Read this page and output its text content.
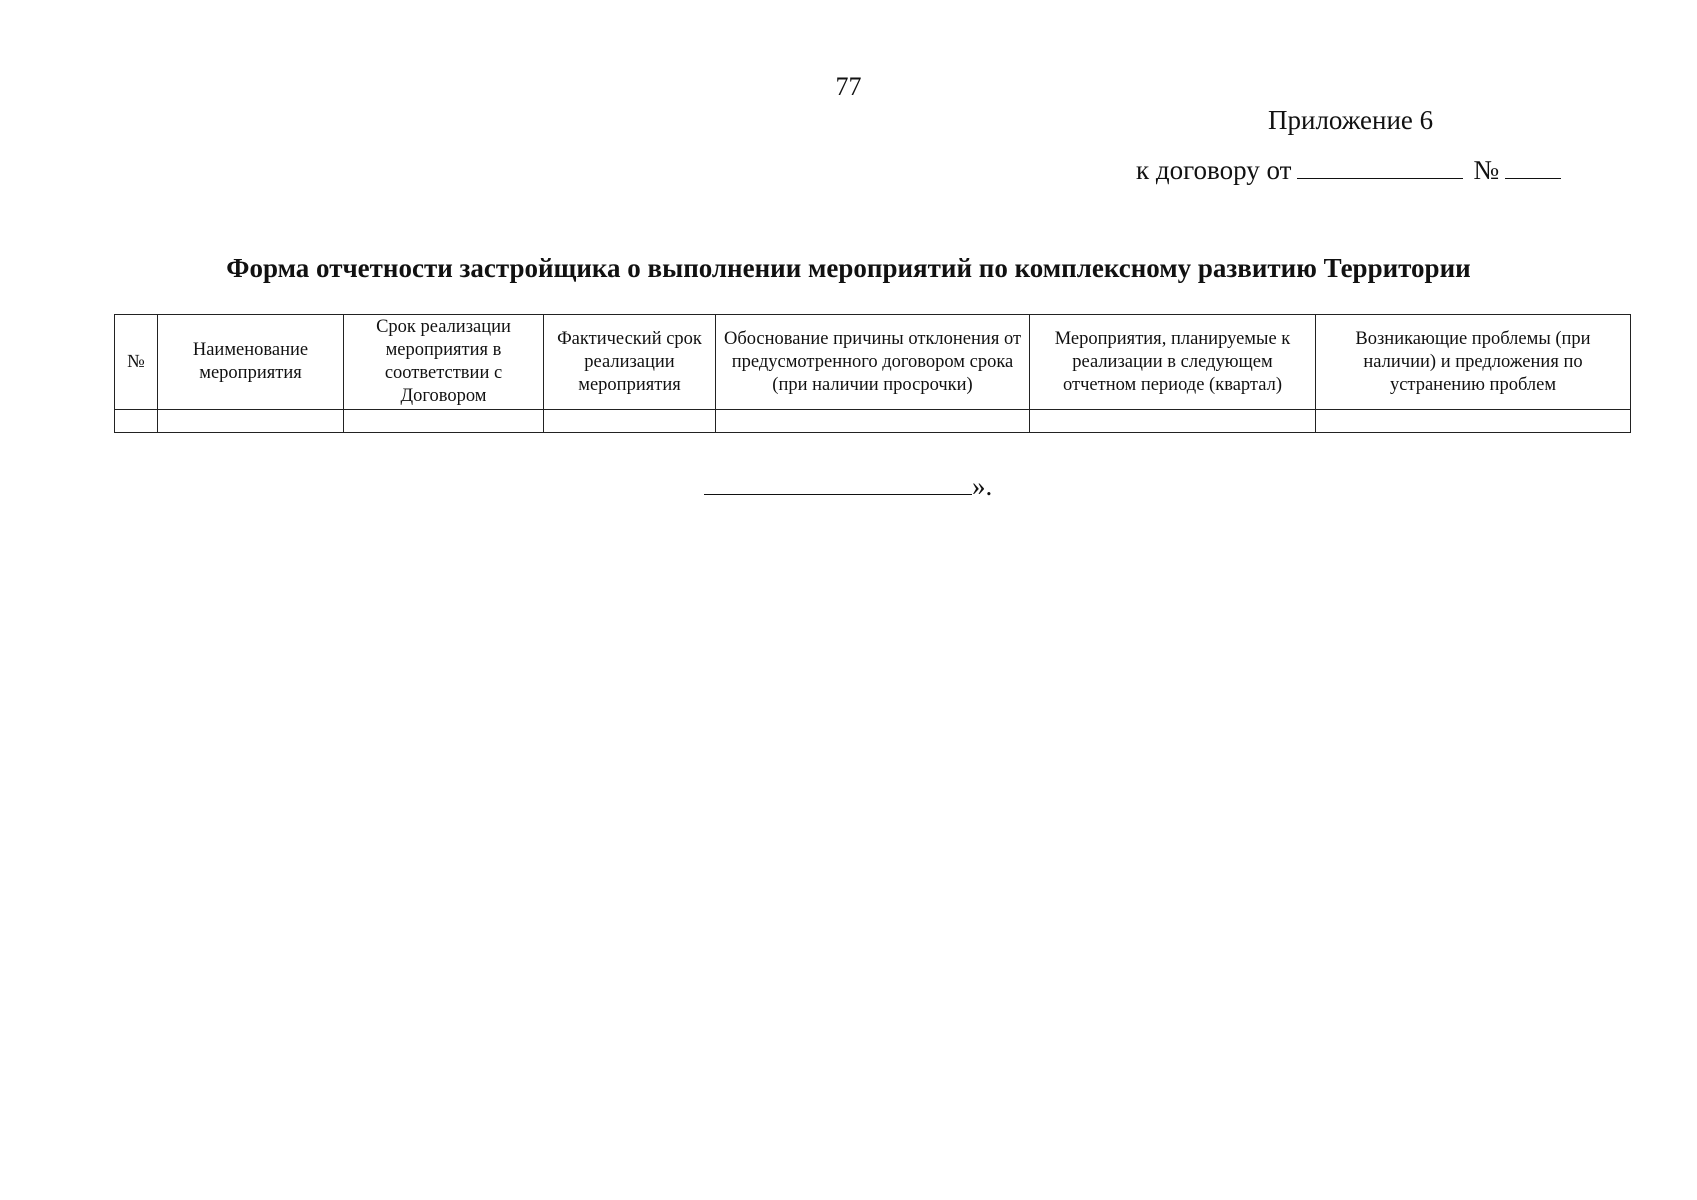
77
Приложение 6
к договору от	№
Форма отчетности застройщика о выполнении мероприятий по комплексному развитию Территории
№	Наименование мероприятия	Срок реализации мероприятия в соответствии с Договором	Фактический срок реализации мероприятия	Обоснование причины отклонения от предусмотренного договором срока (при наличии просрочки)	Мероприятия, планируемые к реализации в следующем отчетном периоде (квартал)	Возникающие проблемы (при наличии) и предложения по устранению проблем

».
